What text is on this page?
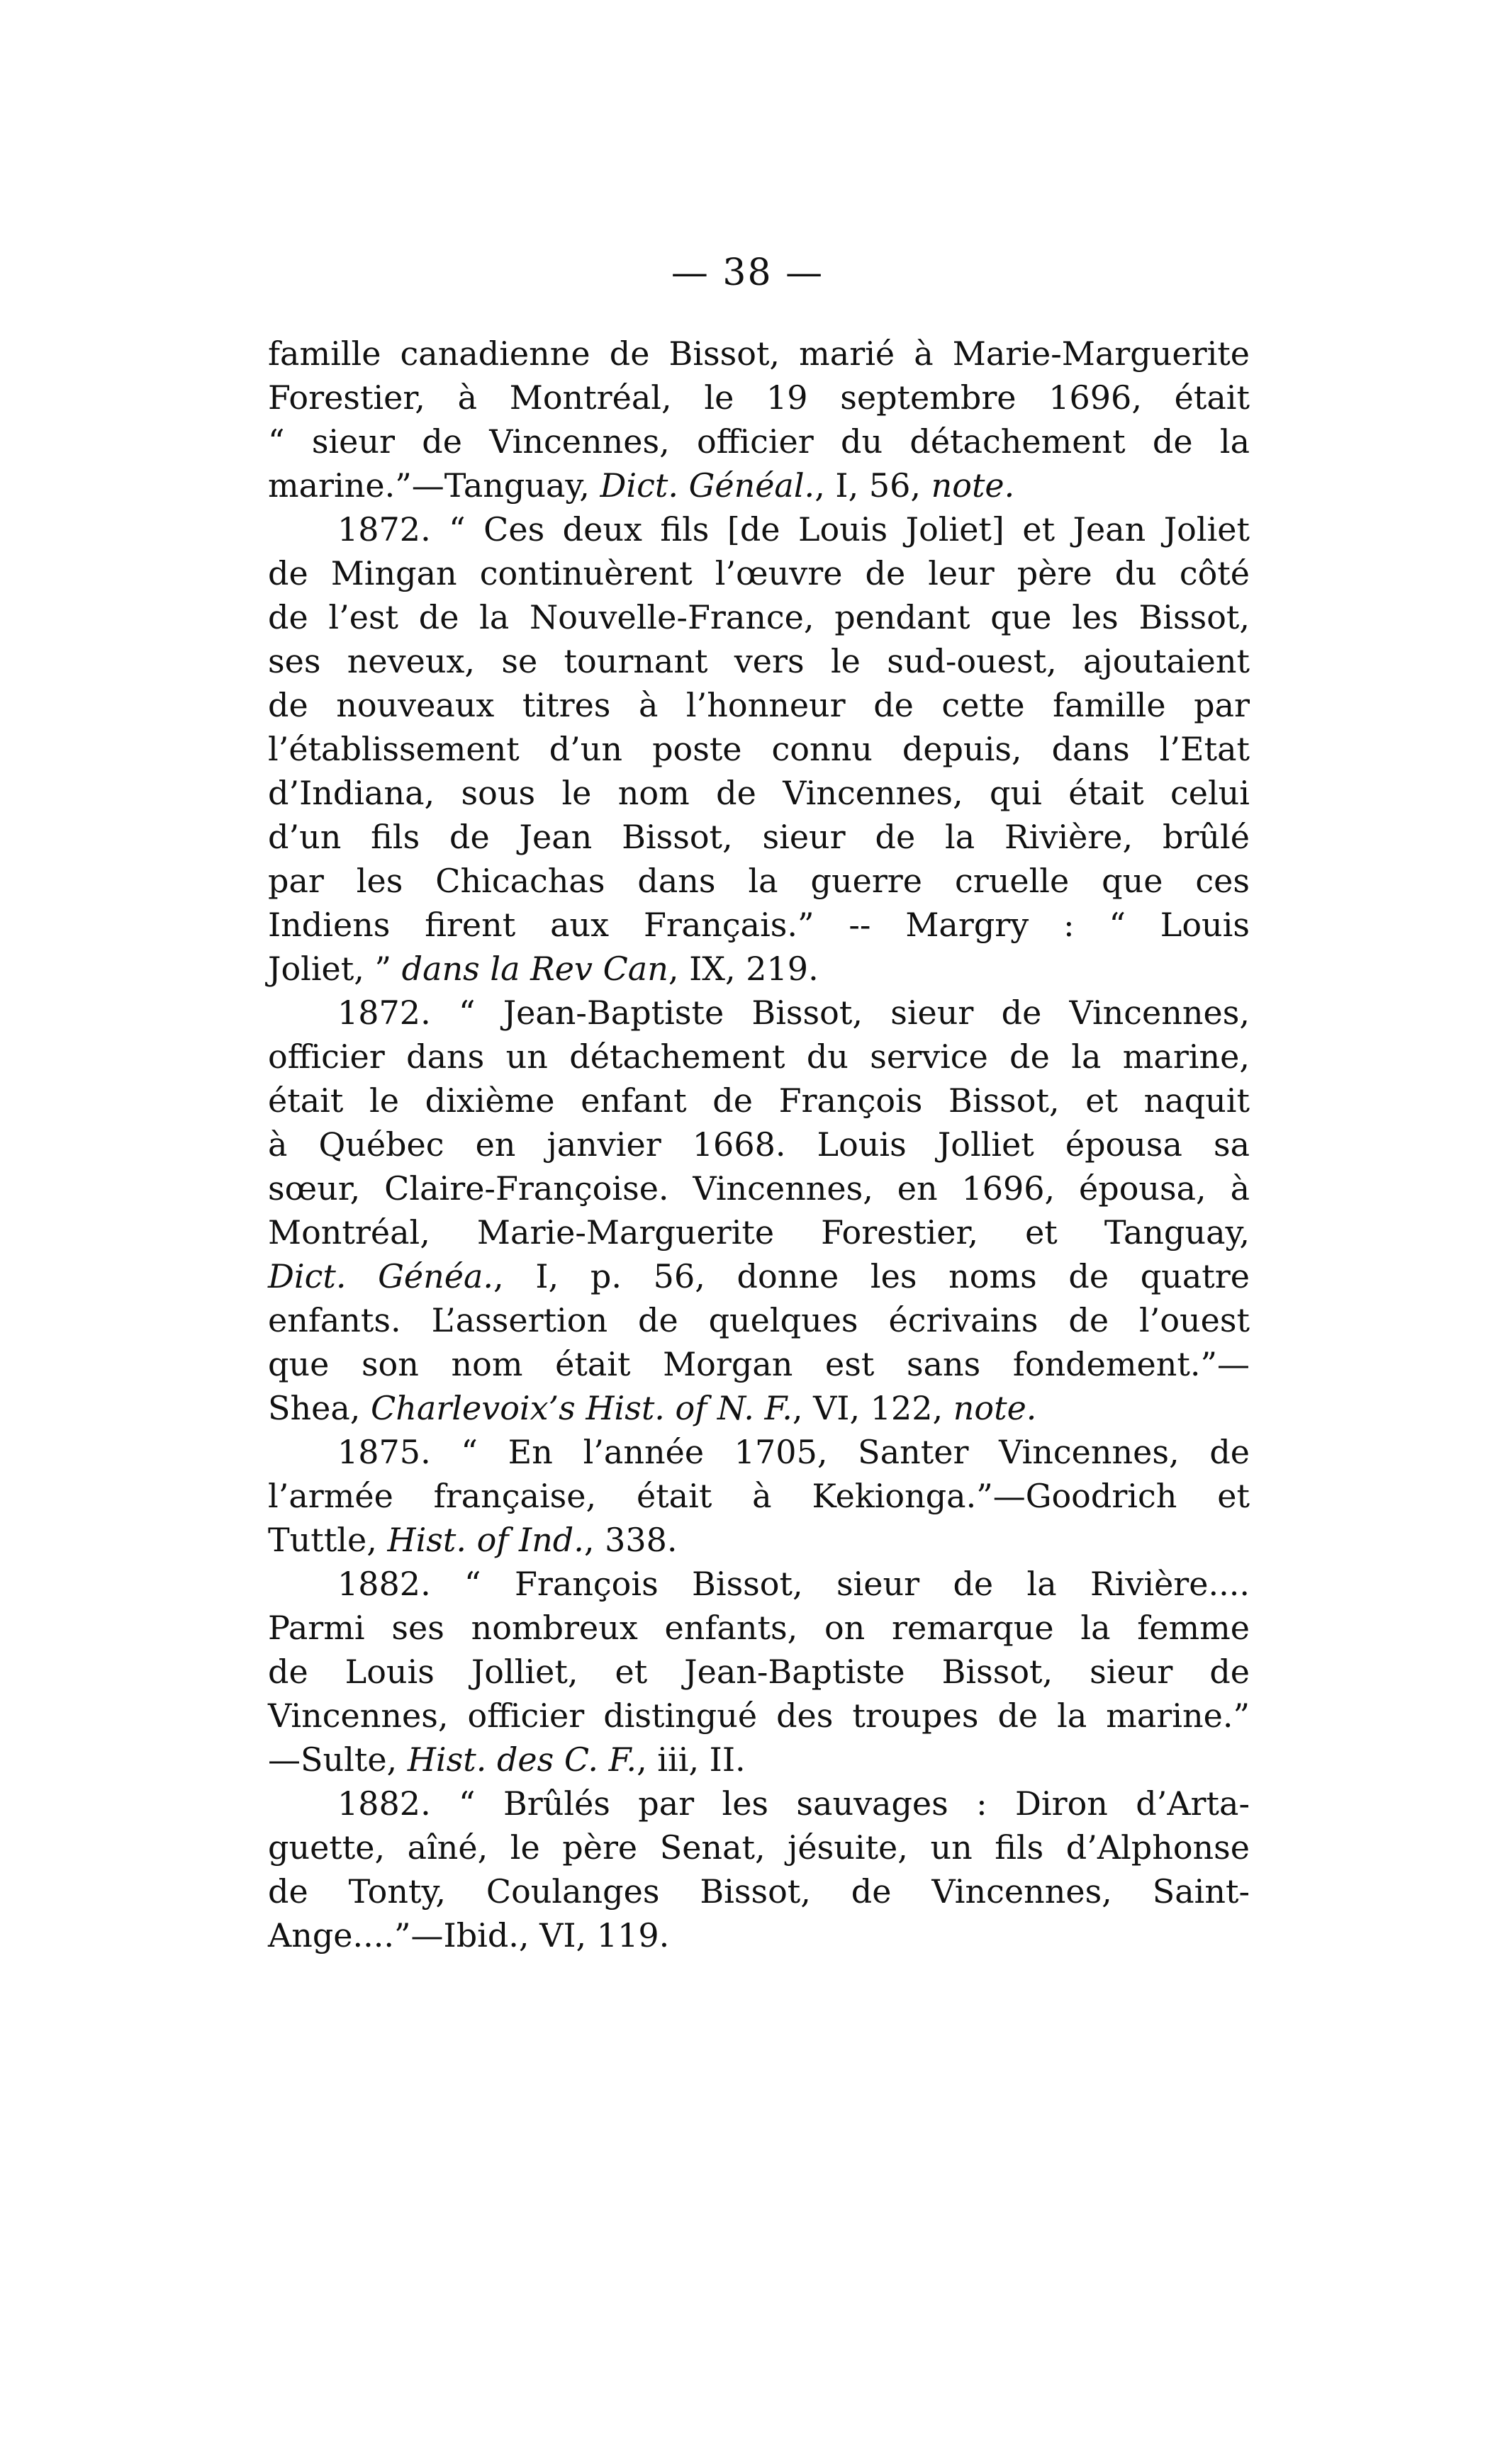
— 38 —
famille canadienne de Bissot, marié à Marie-Marguerite
Forestier, à Montréal, le 19 septembre 1696, était
“ sieur de Vincennes, officier du détachement de la
marine.”—Tanguay, Dict. Généal., I, 56, note.
1872. “ Ces deux fils [de Louis Joliet] et Jean Joliet
de Mingan continuèrent l’œuvre de leur père du côté
de l’est de la Nouvelle-France, pendant que les Bissot,
ses neveux, se tournant vers le sud-ouest, ajoutaient
de nouveaux titres à l’honneur de cette famille par
l’établissement d’un poste connu depuis, dans l’Etat
d’Indiana, sous le nom de Vincennes, qui était celui
d’un fils de Jean Bissot, sieur de la Rivière, brûlé
par les Chicachas dans la guerre cruelle que ces
Indiens firent aux Français.” -- Margry : “ Louis
Joliet, ” dans la Rev Can, IX, 219.
1872. “ Jean-Baptiste Bissot, sieur de Vincennes,
officier dans un détachement du service de la marine,
était le dixième enfant de François Bissot, et naquit
à Québec en janvier 1668. Louis Jolliet épousa sa
sœur, Claire-Françoise. Vincennes, en 1696, épousa, à
Montréal, Marie-Marguerite Forestier, et Tanguay,
Dict. Généa., I, p. 56, donne les noms de quatre
enfants. L’assertion de quelques écrivains de l’ouest
que son nom était Morgan est sans fondement.”—
Shea, Charlevoix’s Hist. of N. F., VI, 122, note.
1875. “ En l’année 1705, Santer Vincennes, de
l’armée française, était à Kekionga.”—Goodrich et
Tuttle, Hist. of Ind., 338.
1882. “ François Bissot, sieur de la Rivière....
Parmi ses nombreux enfants, on remarque la femme
de Louis Jolliet, et Jean-Baptiste Bissot, sieur de
Vincennes, officier distingué des troupes de la marine.”
—Sulte, Hist. des C. F., iii, II.
1882. “ Brûlés par les sauvages : Diron d’Arta-
guette, aîné, le père Senat, jésuite, un fils d’Alphonse
de Tonty, Coulanges Bissot, de Vincennes, Saint-
Ange....”—Ibid., VI, 119.
